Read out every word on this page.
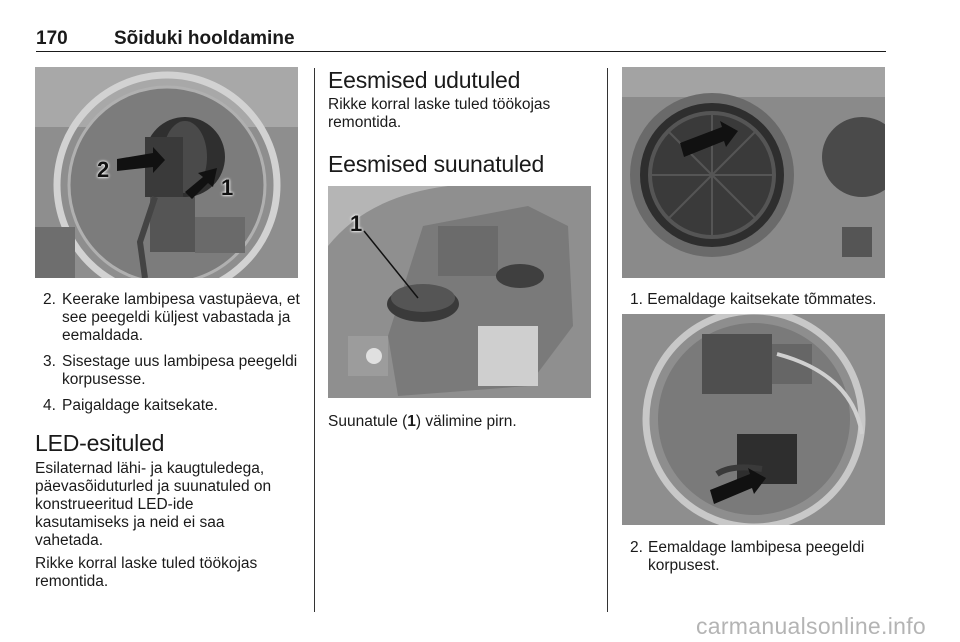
170 Sõiduki hooldamine
2
1
2. Keerake lambipesa vastupäeva, et see peegeldi küljest vabastada ja eemaldada.
3. Sisestage uus lambipesa peegeldi korpusesse.
4. Paigaldage kaitsekate.
LED-esituled

Esilaternad lähi- ja kaugtuledega, päevasõiduturled ja suunatuled on konstrueeritud LED-ide kasutamiseks ja neid ei saa vahetada.

Rikke korral laske tuled töökojas remontida.

Eesmised udutuled

Rikke korral laske tuled töökojas remontida.

Eesmised suunatuled
1

Suunatule (1) välimine pirn.

1. Eemaldage kaitsekate tõmmates.

2. Eemaldage lambipesa peegeldi korpusest.

carmanualsonline.info
